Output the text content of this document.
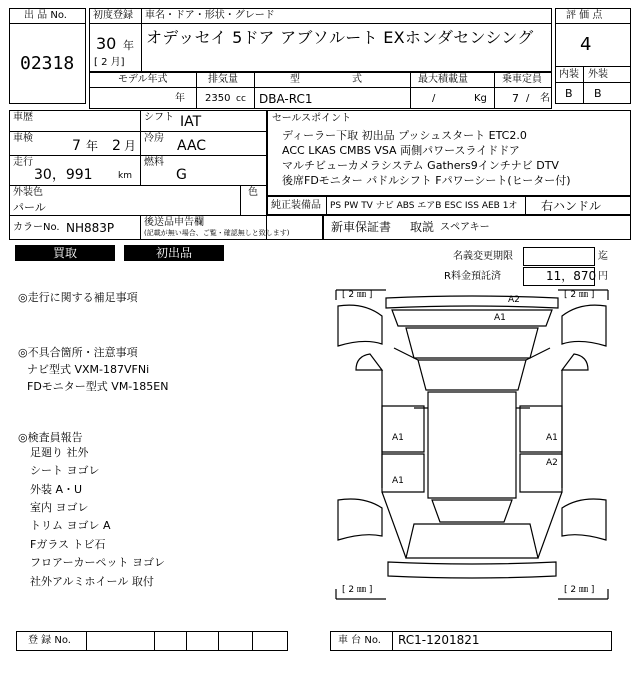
出 品 No.
02318
初度登録 車名・ドア・形状・グレード
30 年
[ 2 月]
オデッセイ 5ドア アブソルート EXホンダセンシング
評 価 点
4
内装 外装
B B
モデル年式
年
排気量
2350 cc
型	式
DBA-RC1
最大積載量
/	Kg
乗車定員
7 / 名
車歴	シフト IAT
車検	7 年 2 月
冷房 AAC
走行
30，991	km
燃料
G
外装色
パール
色
カラーNo. NH883P	後送品申告欄
(記載が無い場合、ご覧・確認無しと致します)
セールスポイント
ディーラー下取 初出品 プッシュスタート ETC2.0
ACC LKAS CMBS VSA 両側パワースライドドア
マルチビューカメラシステム Gathers9インチナビ DTV
後席FDモニター パドルシフト Fパワーシート(ヒーター付)
純正装備品 PS PW TV ナビ ABS エアB ESC ISS AEB 1オ 右ハンドル
新車保証書 取説 スペアキー
買取	初出品	名義変更期限	迄
R料金預託済	11，870 円
◎走行に関する補足事項
◎不具合箇所・注意事項
ナビ型式 VXM-187VFNi
FDモニター型式 VM-185EN
◎検査員報告
足廻り 社外
シート ヨゴレ
外装 A・U
室内 ヨゴレ
トリム ヨゴレ A
Fガラス トビ石
フロアーカーペット ヨゴレ
社外アルミホイール 取付
[ 2 ㎜ ]	[ 2 ㎜ ]
[ 2 ㎜ ]	[ 2 ㎜ ]
A2
A1
A1
A1
A1
A2
登 録 No.	車 台 No. RC1-1201821
